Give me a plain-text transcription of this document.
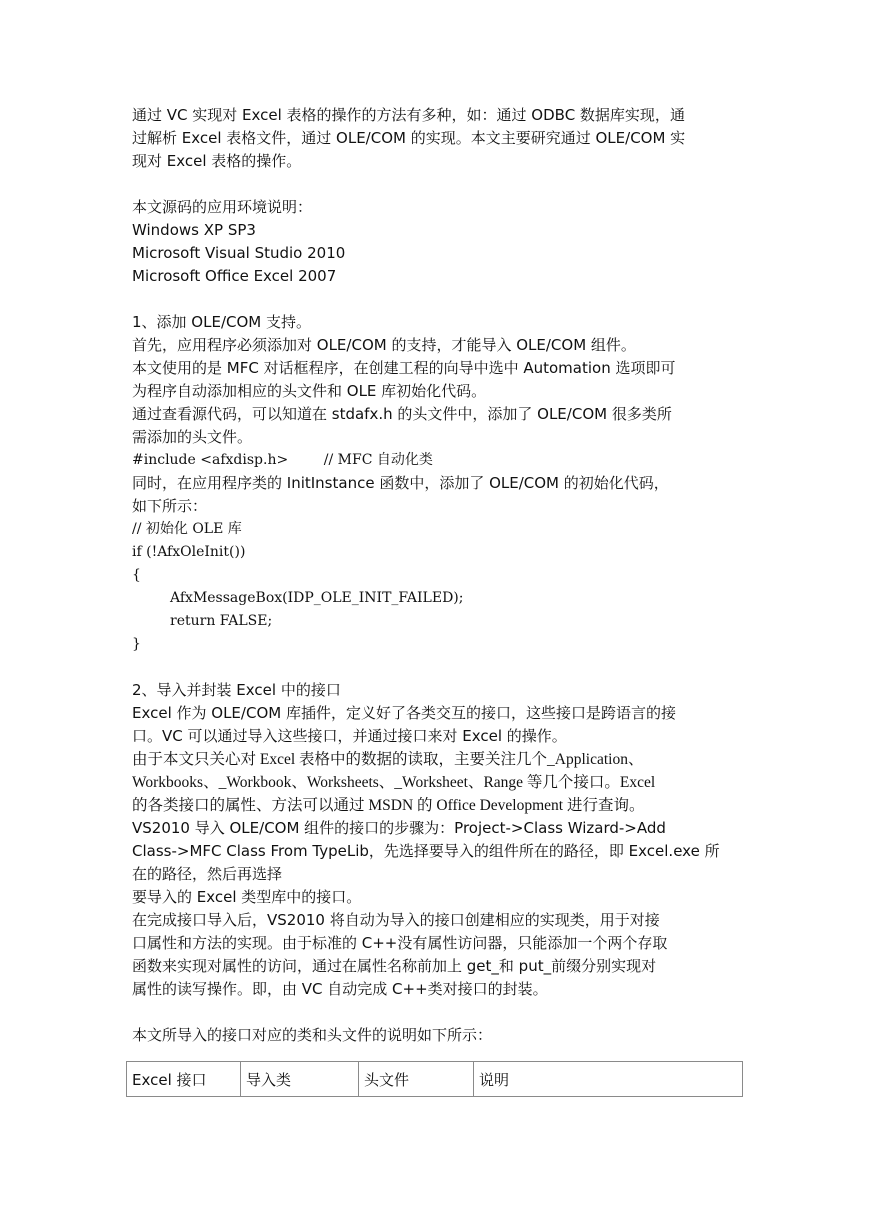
通过 VC 实现对 Excel 表格的操作的方法有多种，如：通过 ODBC 数据库实现，通
过解析 Excel 表格文件，通过 OLE/COM 的实现。本文主要研究通过 OLE/COM 实
现对 Excel 表格的操作。
本文源码的应用环境说明：
Windows XP SP3
Microsoft Visual Studio 2010
Microsoft Office Excel 2007
1、添加 OLE/COM 支持。
首先，应用程序必须添加对 OLE/COM 的支持，才能导入 OLE/COM 组件。
本文使用的是 MFC 对话框程序，在创建工程的向导中选中 Automation 选项即可
为程序自动添加相应的头文件和 OLE 库初始化代码。
通过查看源代码，可以知道在 stdafx.h 的头文件中，添加了 OLE/COM 很多类所
需添加的头文件。
#include <afxdisp.h>        // MFC 自动化类
同时，在应用程序类的 InitInstance 函数中，添加了 OLE/COM 的初始化代码，
如下所示：
// 初始化 OLE 库
if (!AfxOleInit())
{
AfxMessageBox(IDP_OLE_INIT_FAILED);
return FALSE;
}
2、导入并封装 Excel 中的接口
Excel 作为 OLE/COM 库插件，定义好了各类交互的接口，这些接口是跨语言的接
口。VC 可以通过导入这些接口，并通过接口来对 Excel 的操作。
由于本文只关心对 Excel 表格中的数据的读取，主要关注几个_Application、
Workbooks、_Workbook、Worksheets、_Worksheet、Range 等几个接口。Excel
的各类接口的属性、方法可以通过 MSDN 的 Office Development 进行查询。
VS2010 导入 OLE/COM 组件的接口的步骤为：Project->Class Wizard->Add
Class->MFC Class From TypeLib，先选择要导入的组件所在的路径，即 Excel.exe 所
在的路径，然后再选择
要导入的 Excel 类型库中的接口。
在完成接口导入后，VS2010 将自动为导入的接口创建相应的实现类，用于对接
口属性和方法的实现。由于标准的 C++没有属性访问器，只能添加一个两个存取
函数来实现对属性的访问，通过在属性名称前加上 get_和 put_前缀分别实现对
属性的读写操作。即，由 VC 自动完成 C++类对接口的封装。
本文所导入的接口对应的类和头文件的说明如下所示：
Excel 接口	导入类	头文件	说明
